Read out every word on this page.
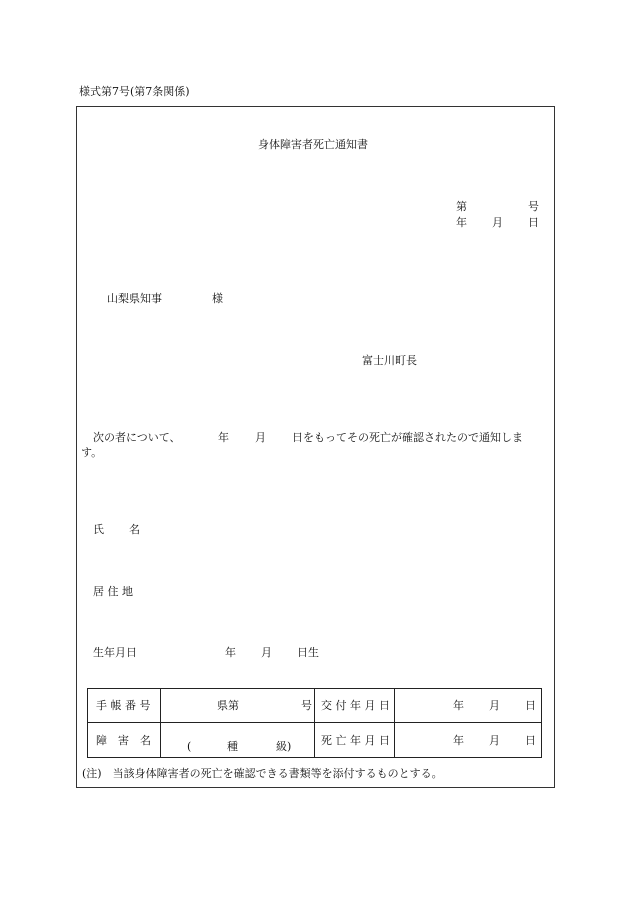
様式第7号(第7条関係)
身体障害者死亡通知書
第	号
年 月 日
山梨県知事	様
富士川町長
次の者について、	年 月 日をもってその死亡が確認されたので通知しま
す。
氏 名
居 住 地
生年月日	年 月 日生
手 帳 番 号	県第 号	交 付 年 月 日	年 月 日

障　害　名	( 種 級)	死 亡 年 月 日	年 月 日
(注)　当該身体障害者の死亡を確認できる書類等を添付するものとする。
